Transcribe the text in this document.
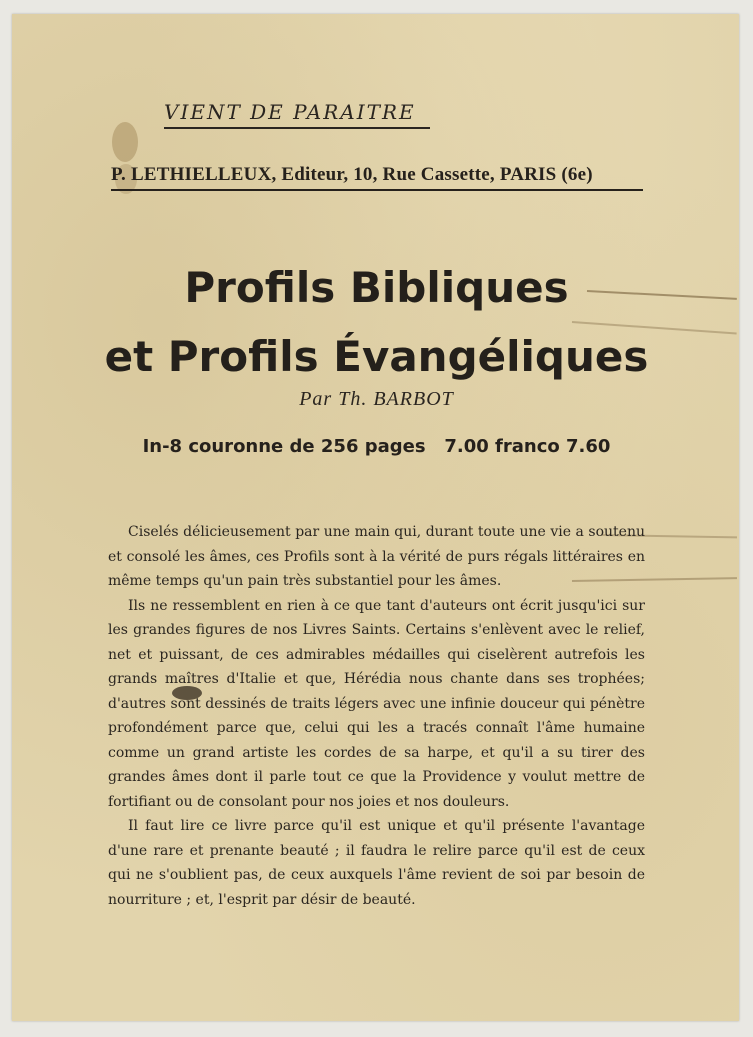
VIENT DE PARAITRE
P. LETHIELLEUX, Editeur, 10, Rue Cassette, PARIS (6e)
Profils Bibliques
et Profils Évangéliques
Par Th. BARBOT
In-8 couronne de 256 pages   7.00 franco 7.60

Ciselés délicieusement par une main qui, durant toute une vie a soutenu et consolé les âmes, ces Profils sont à la vérité de purs régals littéraires en même temps qu'un pain très substantiel pour les âmes.

Ils ne ressemblent en rien à ce que tant d'auteurs ont écrit jusqu'ici sur les grandes figures de nos Livres Saints. Certains s'enlèvent avec le relief, net et puissant, de ces admirables médailles qui ciselèrent autrefois les grands maîtres d'Italie et que, Hérédia nous chante dans ses trophées; d'autres sont dessinés de traits légers avec une infinie douceur qui pénètre profondément parce que, celui qui les a tracés connaît l'âme humaine comme un grand artiste les cordes de sa harpe, et qu'il a su tirer des grandes âmes dont il parle tout ce que la Providence y voulut mettre de fortifiant ou de consolant pour nos joies et nos douleurs.

Il faut lire ce livre parce qu'il est unique et qu'il présente l'avantage d'une rare et prenante beauté ; il faudra le relire parce qu'il est de ceux qui ne s'oublient pas, de ceux auxquels l'âme revient de soi par besoin de nourriture ; et, l'esprit par désir de beauté.
